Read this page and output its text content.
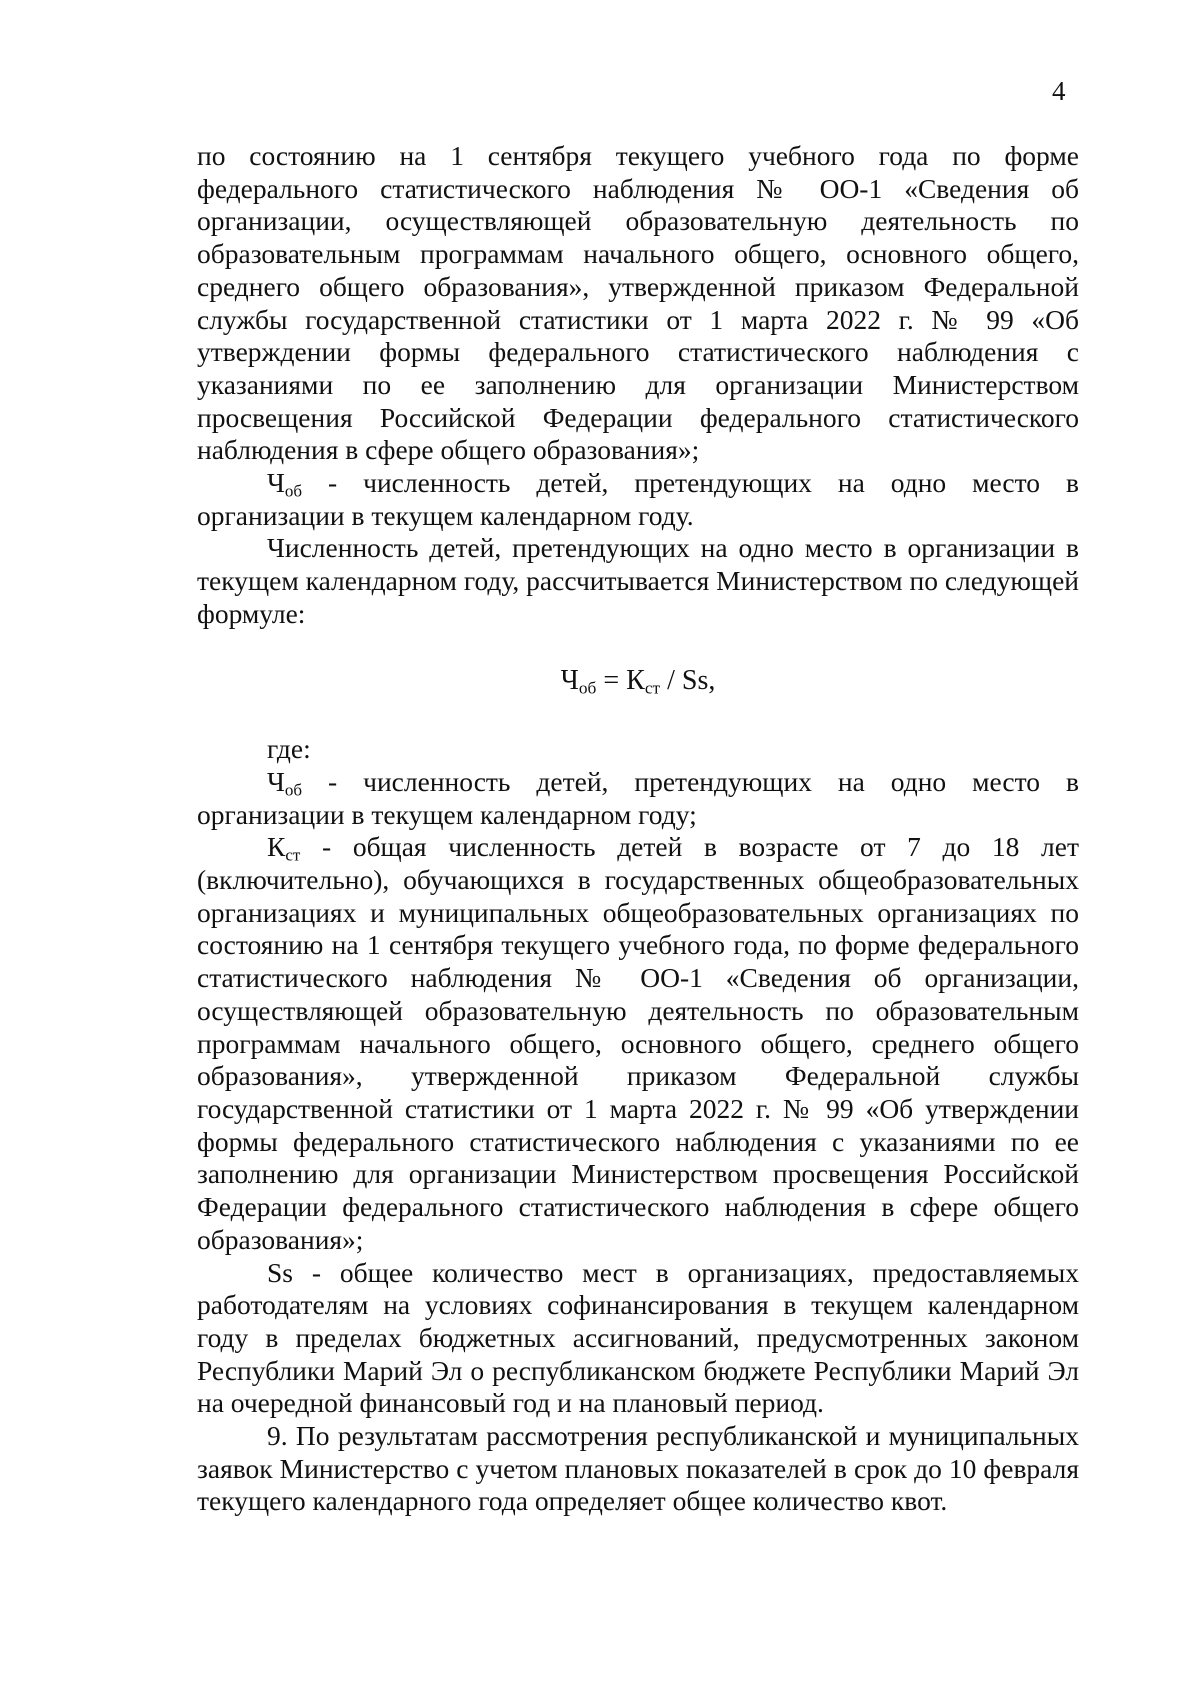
4

по состоянию на 1 сентября текущего учебного года по форме федерального статистического наблюдения № ОО-1 «Сведения об организации, осуществляющей образовательную деятельность по образовательным программам начального общего, основного общего, среднего общего образования», утвержденной приказом Федеральной службы государственной статистики от 1 марта 2022 г. № 99 «Об утверждении формы федерального статистического наблюдения с указаниями по ее заполнению для организации Министерством просвещения Российской Федерации федерального статистического наблюдения в сфере общего образования»;

$Ч_{об}$ - численность детей, претендующих на одно место в организации в текущем календарном году.

Численность детей, претендующих на одно место в организации в текущем календарном году, рассчитывается Министерством по следующей формуле:

$Ч_{об} = К_{ст} / Ss$,

где:

$Ч_{об}$ - численность детей, претендующих на одно место в организации в текущем календарном году;

$К_{ст}$ - общая численность детей в возрасте от 7 до 18 лет (включительно), обучающихся в государственных общеобразовательных организациях и муниципальных общеобразовательных организациях по состоянию на 1 сентября текущего учебного года, по форме федерального статистического наблюдения № ОО-1 «Сведения об организации, осуществляющей образовательную деятельность по образовательным программам начального общего, основного общего, среднего общего образования», утвержденной приказом Федеральной службы государственной статистики от 1 марта 2022 г. № 99 «Об утверждении формы федерального статистического наблюдения с указаниями по ее заполнению для организации Министерством просвещения Российской Федерации федерального статистического наблюдения в сфере общего образования»;

Ss - общее количество мест в организациях, предоставляемых работодателям на условиях софинансирования в текущем календарном году в пределах бюджетных ассигнований, предусмотренных законом Республики Марий Эл о республиканском бюджете Республики Марий Эл на очередной финансовый год и на плановый период.

9. По результатам рассмотрения республиканской и муниципальных заявок Министерство с учетом плановых показателей в срок до 10 февраля текущего календарного года определяет общее количество квот.
